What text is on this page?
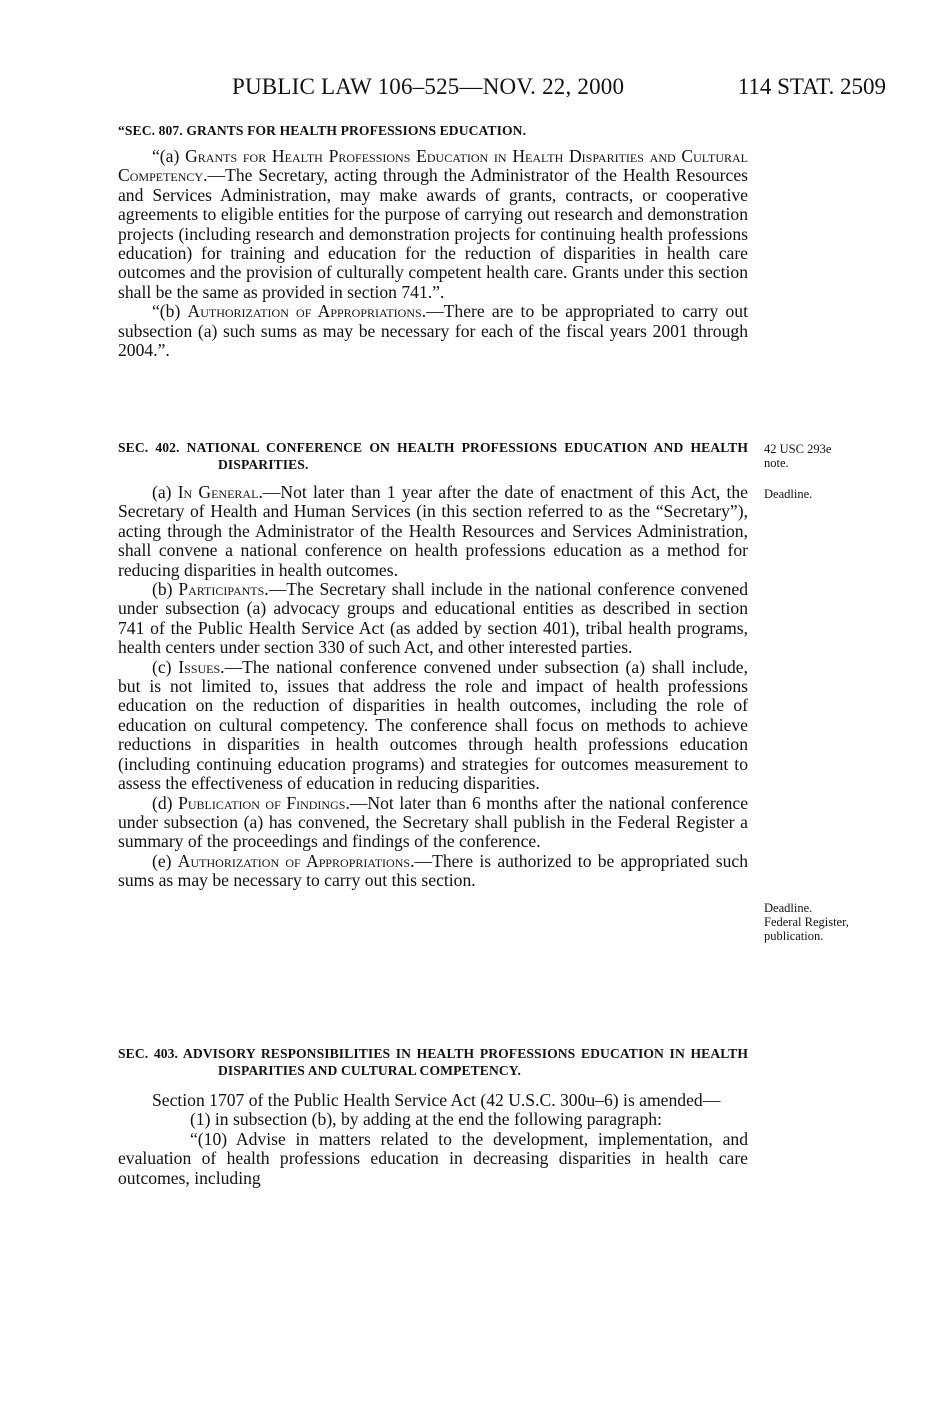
PUBLIC LAW 106–525—NOV. 22, 2000	114 STAT. 2509

“SEC. 807. GRANTS FOR HEALTH PROFESSIONS EDUCATION.

“(a) Grants for Health Professions Education in Health Disparities and Cultural Competency.—The Secretary, acting through the Administrator of the Health Resources and Services Administration, may make awards of grants, contracts, or cooperative agreements to eligible entities for the purpose of carrying out research and demonstration projects (including research and demonstration projects for continuing health professions education) for training and education for the reduction of disparities in health care outcomes and the provision of culturally competent health care. Grants under this section shall be the same as provided in section 741.”.

“(b) Authorization of Appropriations.—There are to be appropriated to carry out subsection (a) such sums as may be necessary for each of the fiscal years 2001 through 2004.”.

SEC. 402. NATIONAL CONFERENCE ON HEALTH PROFESSIONS EDUCATION AND HEALTH DISPARITIES.

(a) In General.—Not later than 1 year after the date of enactment of this Act, the Secretary of Health and Human Services (in this section referred to as the “Secretary”), acting through the Administrator of the Health Resources and Services Administration, shall convene a national conference on health professions education as a method for reducing disparities in health outcomes.

(b) Participants.—The Secretary shall include in the national conference convened under subsection (a) advocacy groups and educational entities as described in section 741 of the Public Health Service Act (as added by section 401), tribal health programs, health centers under section 330 of such Act, and other interested parties.

(c) Issues.—The national conference convened under subsection (a) shall include, but is not limited to, issues that address the role and impact of health professions education on the reduction of disparities in health outcomes, including the role of education on cultural competency. The conference shall focus on methods to achieve reductions in disparities in health outcomes through health professions education (including continuing education programs) and strategies for outcomes measurement to assess the effectiveness of education in reducing disparities.

(d) Publication of Findings.—Not later than 6 months after the national conference under subsection (a) has convened, the Secretary shall publish in the Federal Register a summary of the proceedings and findings of the conference.

(e) Authorization of Appropriations.—There is authorized to be appropriated such sums as may be necessary to carry out this section.

SEC. 403. ADVISORY RESPONSIBILITIES IN HEALTH PROFESSIONS EDUCATION IN HEALTH DISPARITIES AND CULTURAL COMPETENCY.

Section 1707 of the Public Health Service Act (42 U.S.C. 300u–6) is amended—

(1) in subsection (b), by adding at the end the following paragraph:

“(10) Advise in matters related to the development, implementation, and evaluation of health professions education in decreasing disparities in health care outcomes, including

42 USC 293e
note.
Deadline.
Deadline.
Federal Register,
publication.
